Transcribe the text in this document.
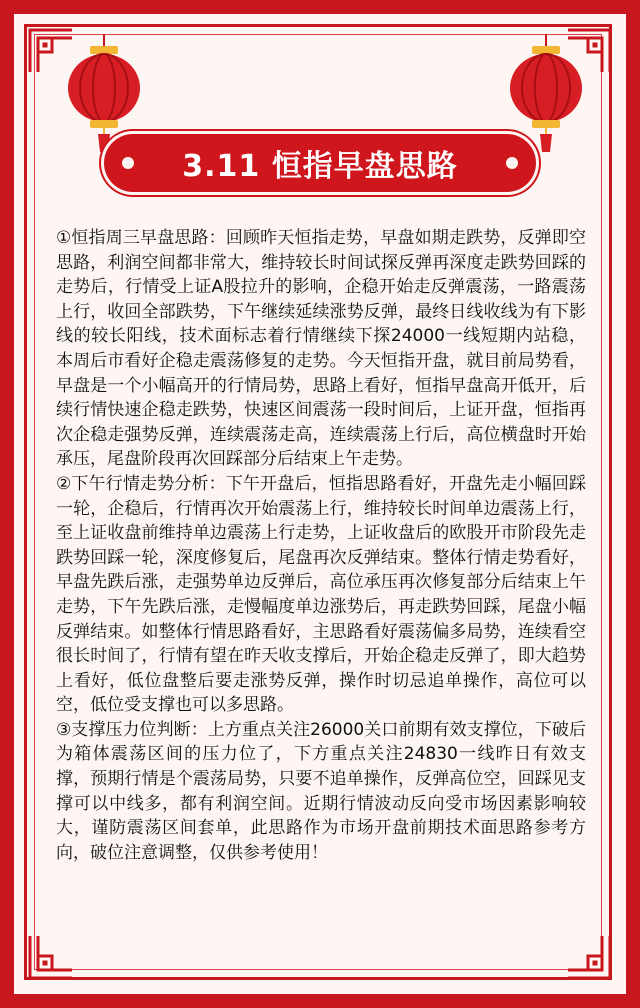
3.11 恒指早盘思路

①恒指周三早盘思路：回顾昨天恒指走势，早盘如期走跌势，反弹即空思路，利润空间都非常大，维持较长时间试探反弹再深度走跌势回踩的走势后，行情受上证A股拉升的影响，企稳开始走反弹震荡，一路震荡上行，收回全部跌势，下午继续延续涨势反弹，最终日线收线为有下影线的较长阳线，技术面标志着行情继续下探24000一线短期内站稳，本周后市看好企稳走震荡修复的走势。今天恒指开盘，就目前局势看，早盘是一个小幅高开的行情局势，思路上看好，恒指早盘高开低开，后续行情快速企稳走跌势，快速区间震荡一段时间后，上证开盘，恒指再次企稳走强势反弹，连续震荡走高，连续震荡上行后，高位横盘时开始承压，尾盘阶段再次回踩部分后结束上午走势。

②下午行情走势分析：下午开盘后，恒指思路看好，开盘先走小幅回踩一轮，企稳后，行情再次开始震荡上行，维持较长时间单边震荡上行，至上证收盘前维持单边震荡上行走势，上证收盘后的欧股开市阶段先走跌势回踩一轮，深度修复后，尾盘再次反弹结束。整体行情走势看好，早盘先跌后涨，走强势单边反弹后，高位承压再次修复部分后结束上午走势，下午先跌后涨，走慢幅度单边涨势后，再走跌势回踩，尾盘小幅反弹结束。如整体行情思路看好，主思路看好震荡偏多局势，连续看空很长时间了，行情有望在昨天收支撑后，开始企稳走反弹了，即大趋势上看好，低位盘整后要走涨势反弹，操作时切忌追单操作，高位可以空，低位受支撑也可以多思路。

③支撑压力位判断：上方重点关注26000关口前期有效支撑位，下破后为箱体震荡区间的压力位了，下方重点关注24830一线昨日有效支撑，预期行情是个震荡局势，只要不追单操作，反弹高位空，回踩见支撑可以中线多，都有利润空间。近期行情波动反向受市场因素影响较大，谨防震荡区间套单，此思路作为市场开盘前期技术面思路参考方向，破位注意调整，仅供参考使用！
